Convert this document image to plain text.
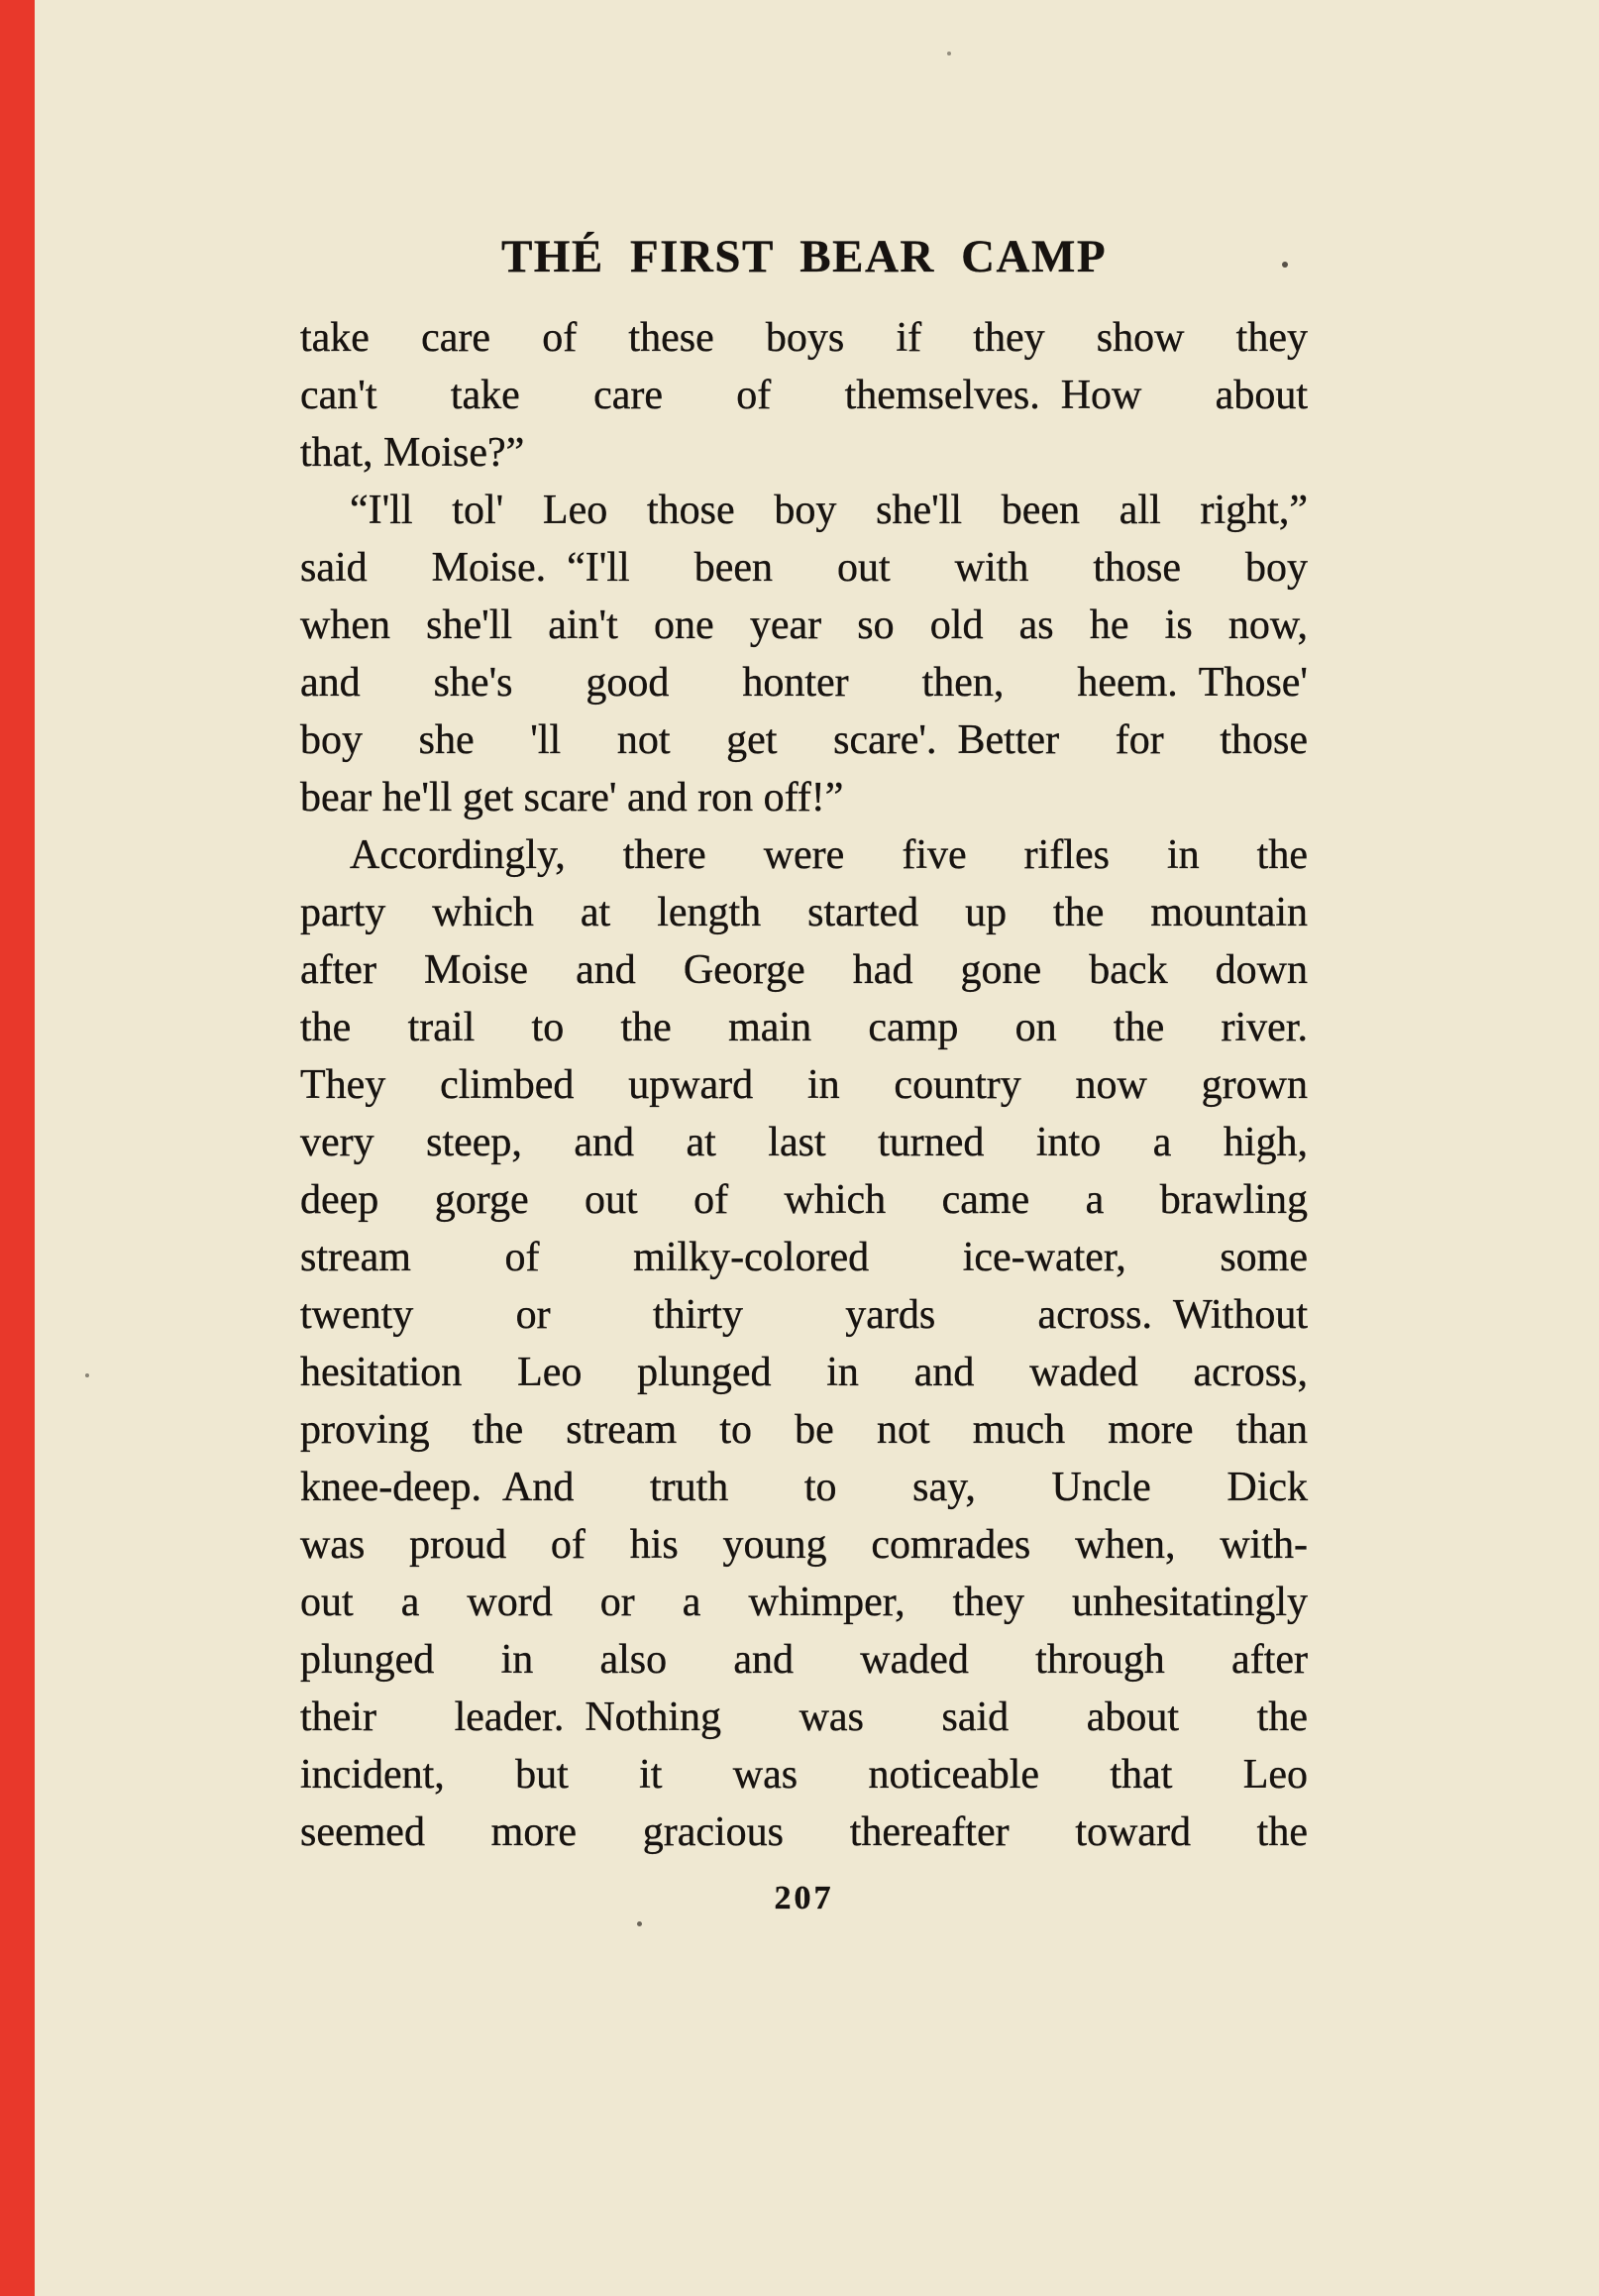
THÉ FIRST BEAR CAMP
take care of these boys if they show they
can't take care of themselves. How about
that, Moise?”
“I'll tol' Leo those boy she'll been all right,”
said Moise. “I'll been out with those boy
when she'll ain't one year so old as he is now,
and she's good honter then, heem. Those'
boy she 'll not get scare'. Better for those
bear he'll get scare' and ron off!”
Accordingly, there were five rifles in the
party which at length started up the mountain
after Moise and George had gone back down
the trail to the main camp on the river.
They climbed upward in country now grown
very steep, and at last turned into a high,
deep gorge out of which came a brawling
stream of milky-colored ice-water, some
twenty or thirty yards across. Without
hesitation Leo plunged in and waded across,
proving the stream to be not much more than
knee-deep. And truth to say, Uncle Dick
was proud of his young comrades when, with-
out a word or a whimper, they unhesitatingly
plunged in also and waded through after
their leader. Nothing was said about the
incident, but it was noticeable that Leo
seemed more gracious thereafter toward the
207
